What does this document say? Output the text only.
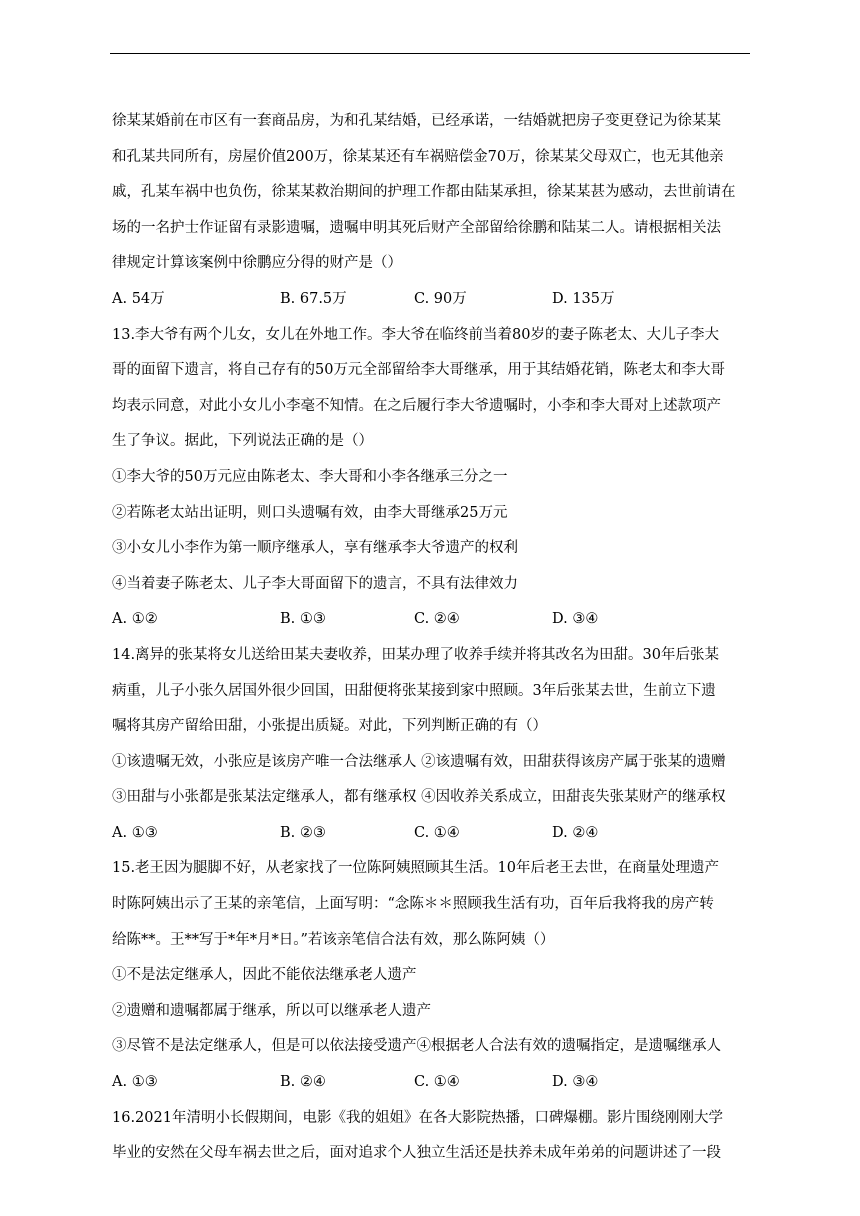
徐某某婚前在市区有一套商品房，为和孔某结婚，已经承诺，一结婚就把房子变更登记为徐某某
和孔某共同所有，房屋价值200万，徐某某还有车祸赔偿金70万，徐某某父母双亡，也无其他亲
戚，孔某车祸中也负伤，徐某某救治期间的护理工作都由陆某承担，徐某某甚为感动，去世前请在
场的一名护士作证留有录影遗嘱，遗嘱申明其死后财产全部留给徐鹏和陆某二人。请根据相关法
律规定计算该案例中徐鹏应分得的财产是（）
A. 54万	B. 67.5万	C. 90万	D. 135万
13.李大爷有两个儿女，女儿在外地工作。李大爷在临终前当着80岁的妻子陈老太、大儿子李大
哥的面留下遗言，将自己存有的50万元全部留给李大哥继承，用于其结婚花销，陈老太和李大哥
均表示同意，对此小女儿小李毫不知情。在之后履行李大爷遗嘱时，小李和李大哥对上述款项产
生了争议。据此，下列说法正确的是（）
①李大爷的50万元应由陈老太、李大哥和小李各继承三分之一
②若陈老太站出证明，则口头遗嘱有效，由李大哥继承25万元
③小女儿小李作为第一顺序继承人，享有继承李大爷遗产的权利
④当着妻子陈老太、儿子李大哥面留下的遗言，不具有法律效力
A. ①②	B. ①③	C. ②④	D. ③④
14.离异的张某将女儿送给田某夫妻收养，田某办理了收养手续并将其改名为田甜。30年后张某
病重，儿子小张久居国外很少回国，田甜便将张某接到家中照顾。3年后张某去世，生前立下遗
嘱将其房产留给田甜，小张提出质疑。对此，下列判断正确的有（）
①该遗嘱无效，小张应是该房产唯一合法继承人 ②该遗嘱有效，田甜获得该房产属于张某的遗赠
③田甜与小张都是张某法定继承人，都有继承权 ④因收养关系成立，田甜丧失张某财产的继承权
A. ①③	B. ②③	C. ①④	D. ②④
15.老王因为腿脚不好，从老家找了一位陈阿姨照顾其生活。10年后老王去世，在商量处理遗产
时陈阿姨出示了王某的亲笔信，上面写明：“念陈＊＊照顾我生活有功，百年后我将我的房产转
给陈**。王**写于*年*月*日。”若该亲笔信合法有效，那么陈阿姨（）
①不是法定继承人，因此不能依法继承老人遗产
②遗赠和遗嘱都属于继承，所以可以继承老人遗产
③尽管不是法定继承人，但是可以依法接受遗产④根据老人合法有效的遗嘱指定，是遗嘱继承人
A. ①③	B. ②④	C. ①④	D. ③④
16.2021年清明小长假期间，电影《我的姐姐》在各大影院热播，口碑爆棚。影片围绕刚刚大学
毕业的安然在父母车祸去世之后，面对追求个人独立生活还是扶养未成年弟弟的问题讲述了一段
